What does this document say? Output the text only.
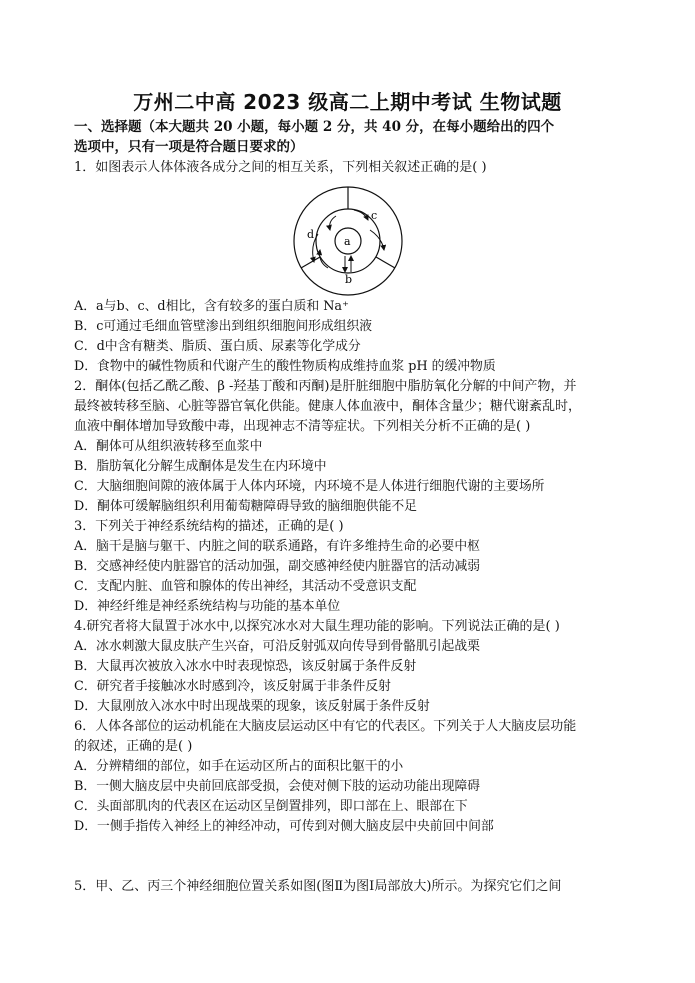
万州二中高 2023 级高二上期中考试 生物试题
一、选择题（本大题共 20 小题，每小题 2 分，共 40 分，在每小题给出的四个
选项中，只有一项是符合题日要求的）
1．如图表示人体体液各成分之间的相互关系，下列相关叙述正确的是( )
a
b
c
d
A．a与b、c、d相比，含有较多的蛋白质和 Na⁺
B．c可通过毛细血管壁渗出到组织细胞间形成组织液
C．d中含有糖类、脂质、蛋白质、尿素等化学成分
D．食物中的碱性物质和代谢产生的酸性物质构成维持血浆 pH 的缓冲物质
2．酮体(包括乙酰乙酸、β -羟基丁酸和丙酮)是肝脏细胞中脂肪氧化分解的中间产物，并
最终被转移至脑、心脏等器官氧化供能。健康人体血液中，酮体含量少；糖代谢紊乱时，
血液中酮体增加导致酸中毒，出现神志不清等症状。下列相关分析不正确的是( )
A．酮体可从组织液转移至血浆中
B．脂肪氧化分解生成酮体是发生在内环境中
C．大脑细胞间隙的液体属于人体内环境，内环境不是人体进行细胞代谢的主要场所
D．酮体可缓解脑组织利用葡萄糖障碍导致的脑细胞供能不足
3．下列关于神经系统结构的描述，正确的是( )
A．脑干是脑与躯干、内脏之间的联系通路，有许多维持生命的必要中枢
B．交感神经使内脏器官的活动加强，副交感神经使内脏器官的活动减弱
C．支配内脏、血管和腺体的传出神经，其活动不受意识支配
D．神经纤维是神经系统结构与功能的基本单位
4.研究者将大鼠置于冰水中,以探究冰水对大鼠生理功能的影响。下列说法正确的是( )
A．冰水刺激大鼠皮肤产生兴奋，可沿反射弧双向传导到骨骼肌引起战栗
B．大鼠再次被放入冰水中时表现惊恐，该反射属于条件反射
C．研究者手接触冰水时感到冷，该反射属于非条件反射
D．大鼠刚放入冰水中时出现战栗的现象，该反射属于条件反射
6．人体各部位的运动机能在大脑皮层运动区中有它的代表区。下列关于人大脑皮层功能
的叙述，正确的是( )
A．分辨精细的部位，如手在运动区所占的面积比躯干的小
B．一侧大脑皮层中央前回底部受损，会使对侧下肢的运动功能出现障碍
C．头面部肌肉的代表区在运动区呈倒置排列，即口部在上、眼部在下
D．一侧手指传入神经上的神经冲动，可传到对侧大脑皮层中央前回中间部
5．甲、乙、丙三个神经细胞位置关系如图(图Ⅱ为图Ⅰ局部放大)所示。为探究它们之间
